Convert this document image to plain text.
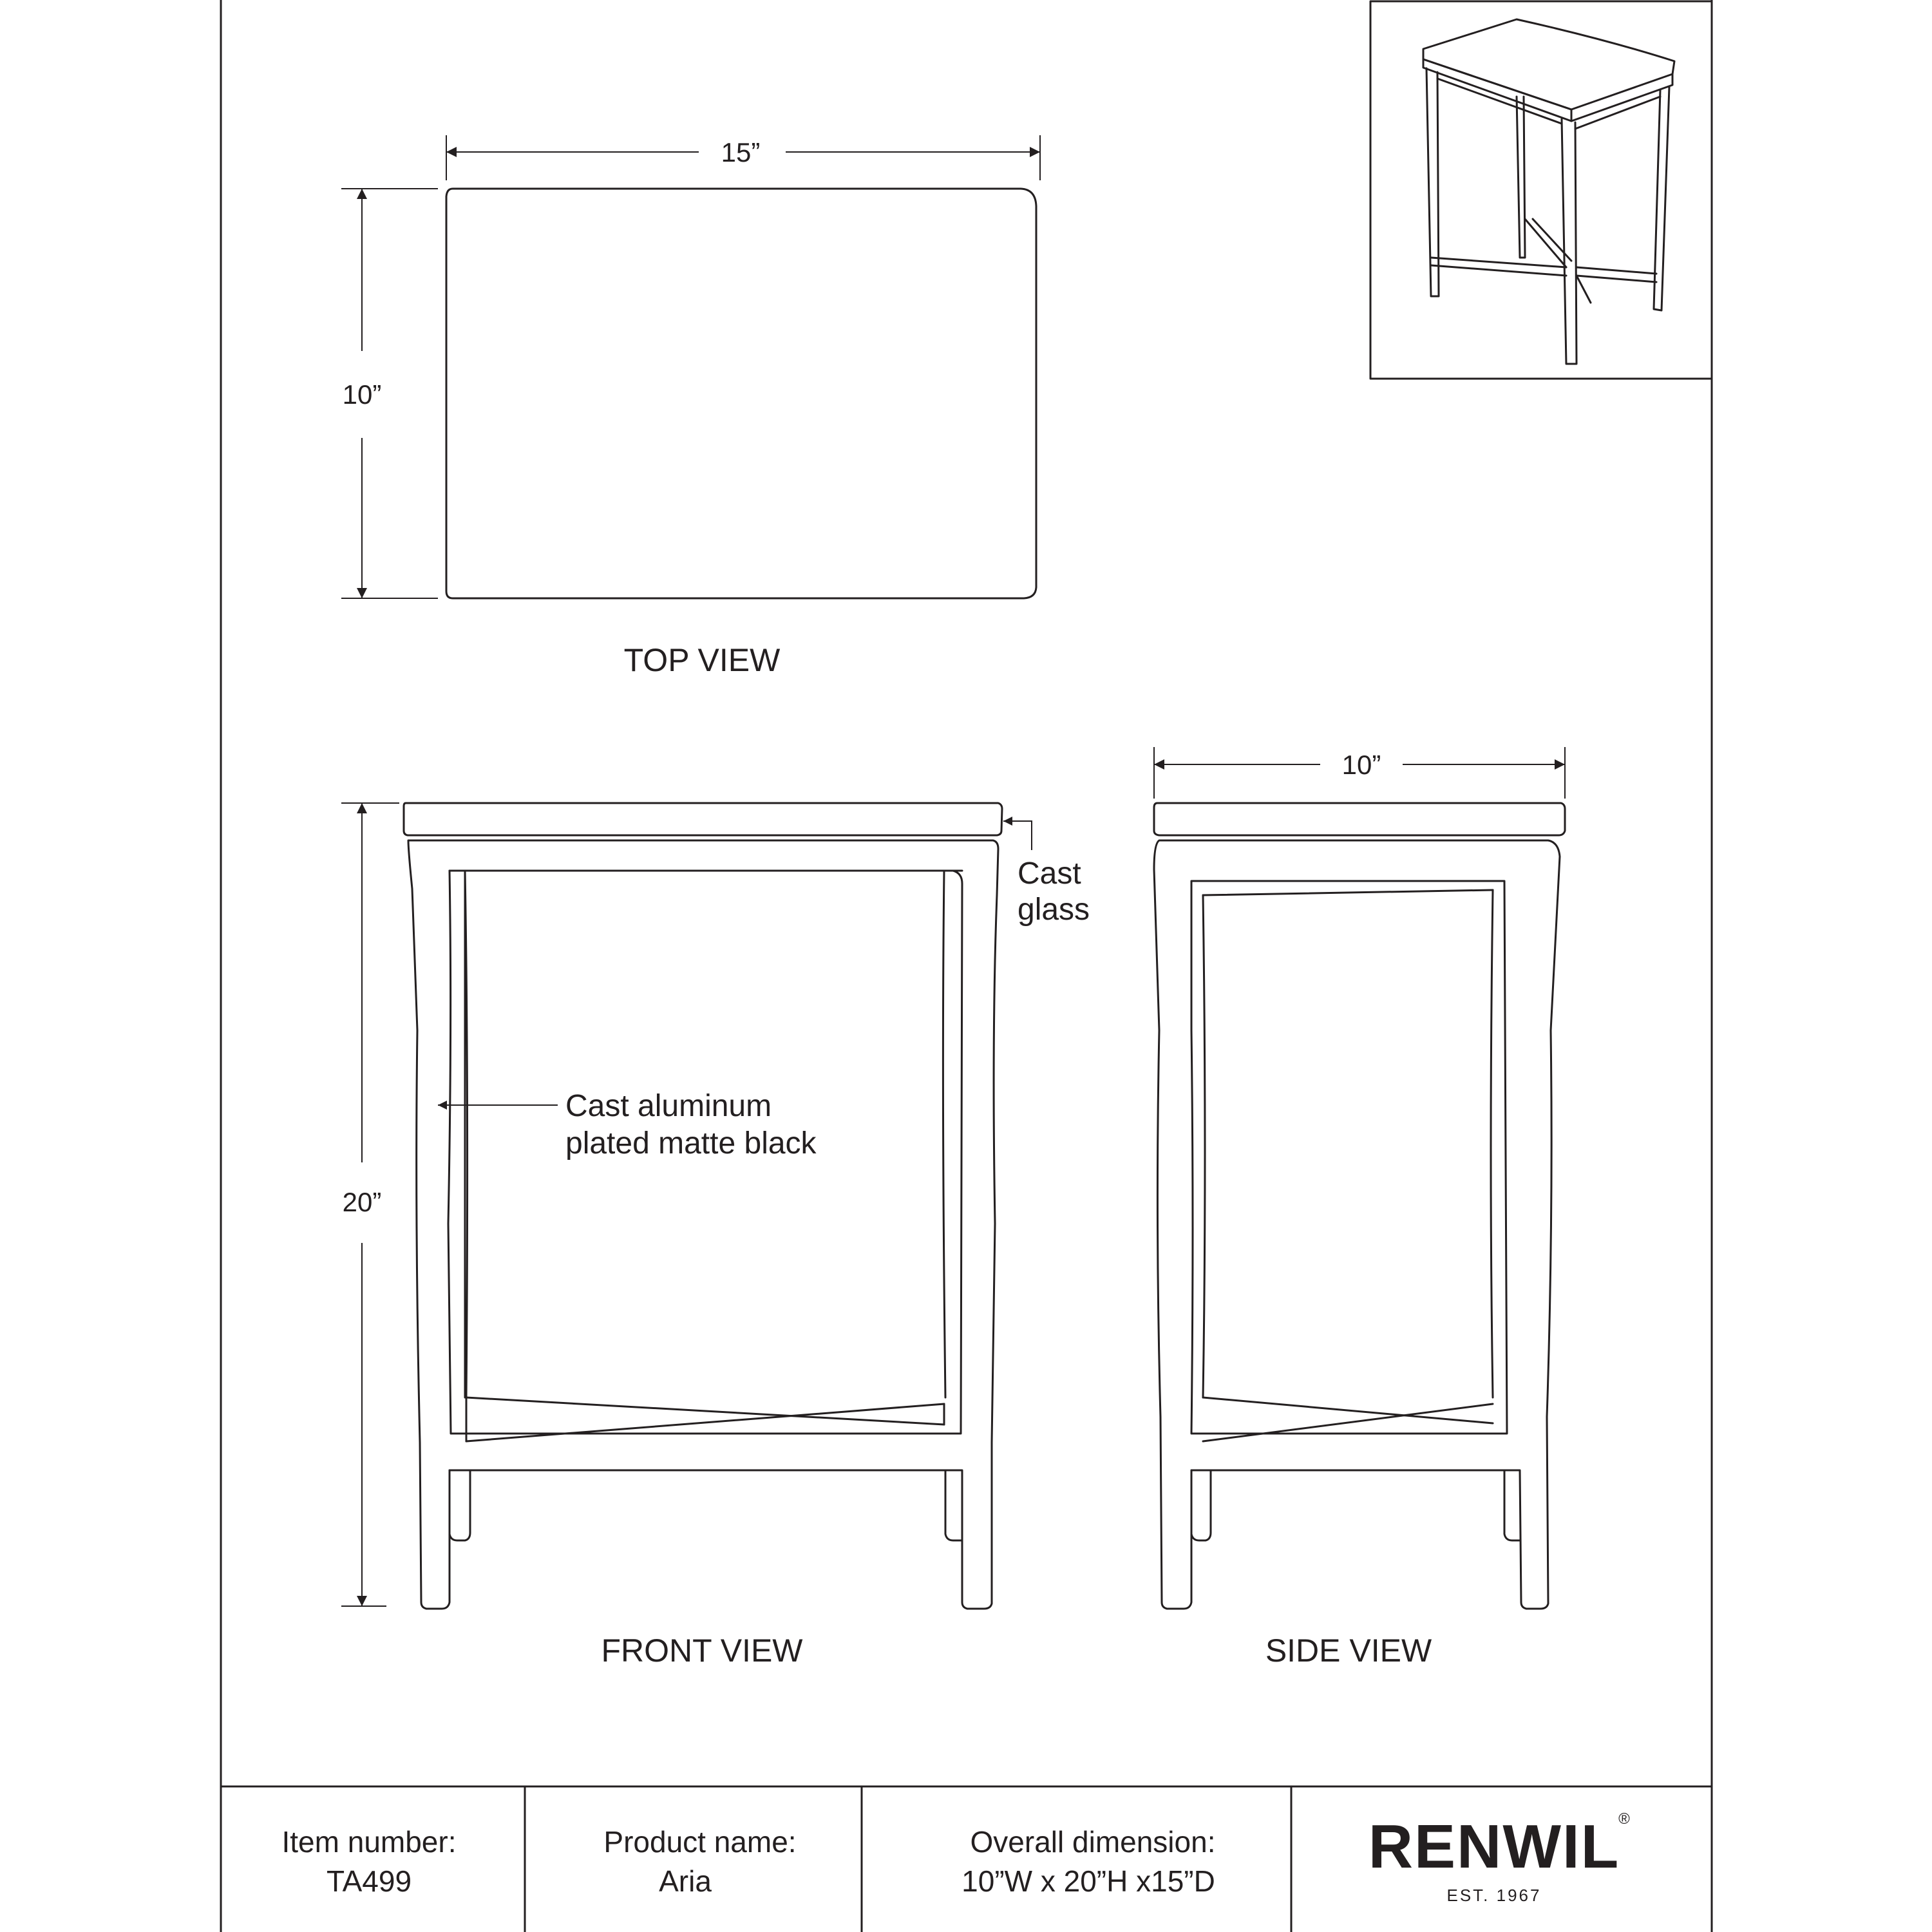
15”
10”
TOP VIEW
20”
FRONT VIEW
Cast
glass
Cast aluminum
plated matte black
10”
SIDE VIEW
Item number:
TA499
Product name:
Aria
Overall dimension:
10”W x 20”H x15”D RENWIL
®
EST. 1967
